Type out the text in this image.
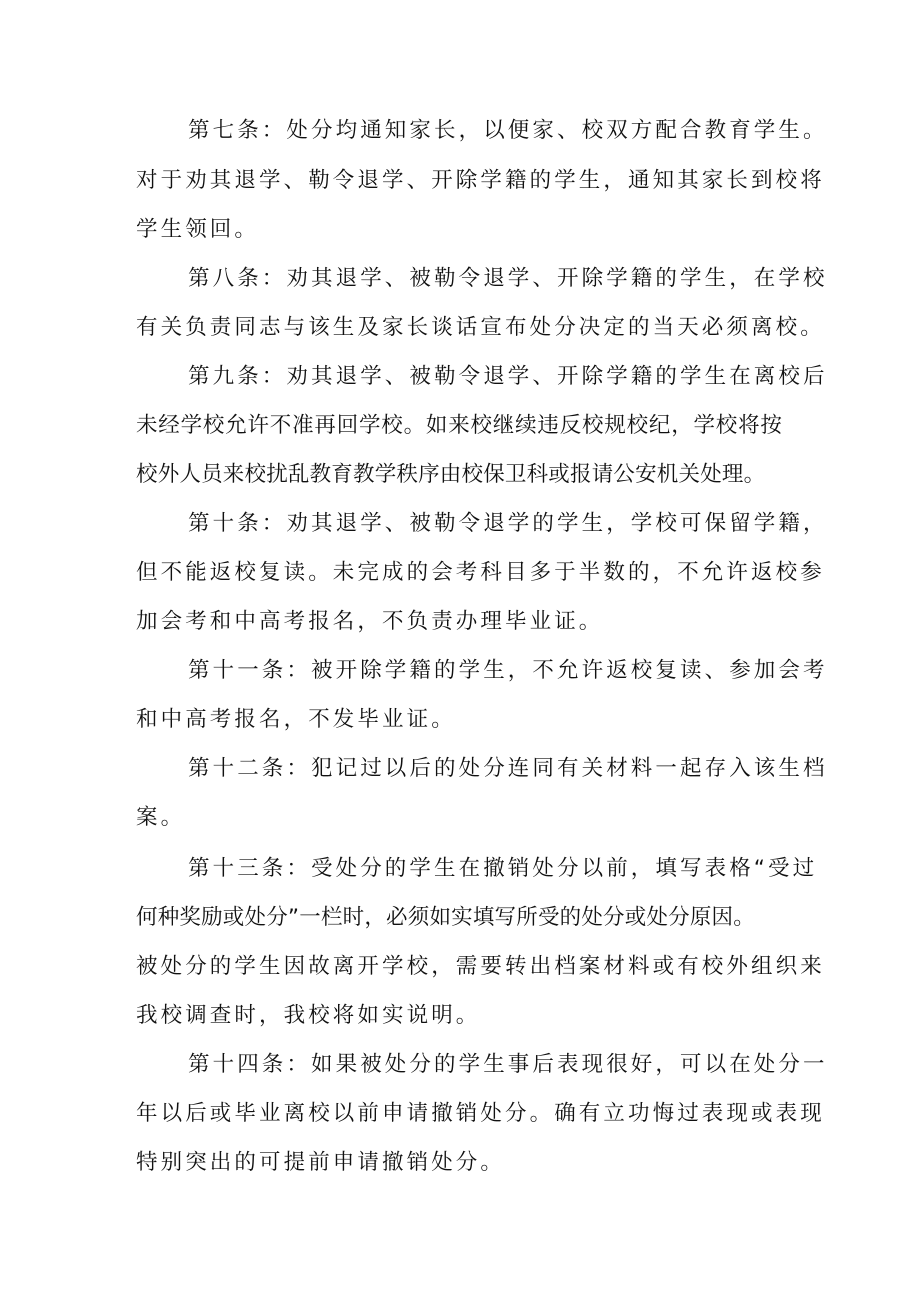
第七条：处分均通知家长，以便家、校双方配合教育学生。

对于劝其退学、勒令退学、开除学籍的学生，通知其家长到校将

学生领回。

第八条：劝其退学、被勒令退学、开除学籍的学生，在学校

有关负责同志与该生及家长谈话宣布处分决定的当天必须离校。

第九条：劝其退学、被勒令退学、开除学籍的学生在离校后

未经学校允许不准再回学校。如来校继续违反校规校纪，学校将按

校外人员来校扰乱教育教学秩序由校保卫科或报请公安机关处理。

第十条：劝其退学、被勒令退学的学生，学校可保留学籍，

但不能返校复读。未完成的会考科目多于半数的，不允许返校参

加会考和中高考报名，不负责办理毕业证。

第十一条：被开除学籍的学生，不允许返校复读、参加会考

和中高考报名，不发毕业证。

第十二条：犯记过以后的处分连同有关材料一起存入该生档

案。

第十三条：受处分的学生在撤销处分以前，填写表格“受过

何种奖励或处分”一栏时，必须如实填写所受的处分或处分原因。

被处分的学生因故离开学校，需要转出档案材料或有校外组织来

我校调查时，我校将如实说明。

第十四条：如果被处分的学生事后表现很好，可以在处分一

年以后或毕业离校以前申请撤销处分。确有立功悔过表现或表现

特别突出的可提前申请撤销处分。
